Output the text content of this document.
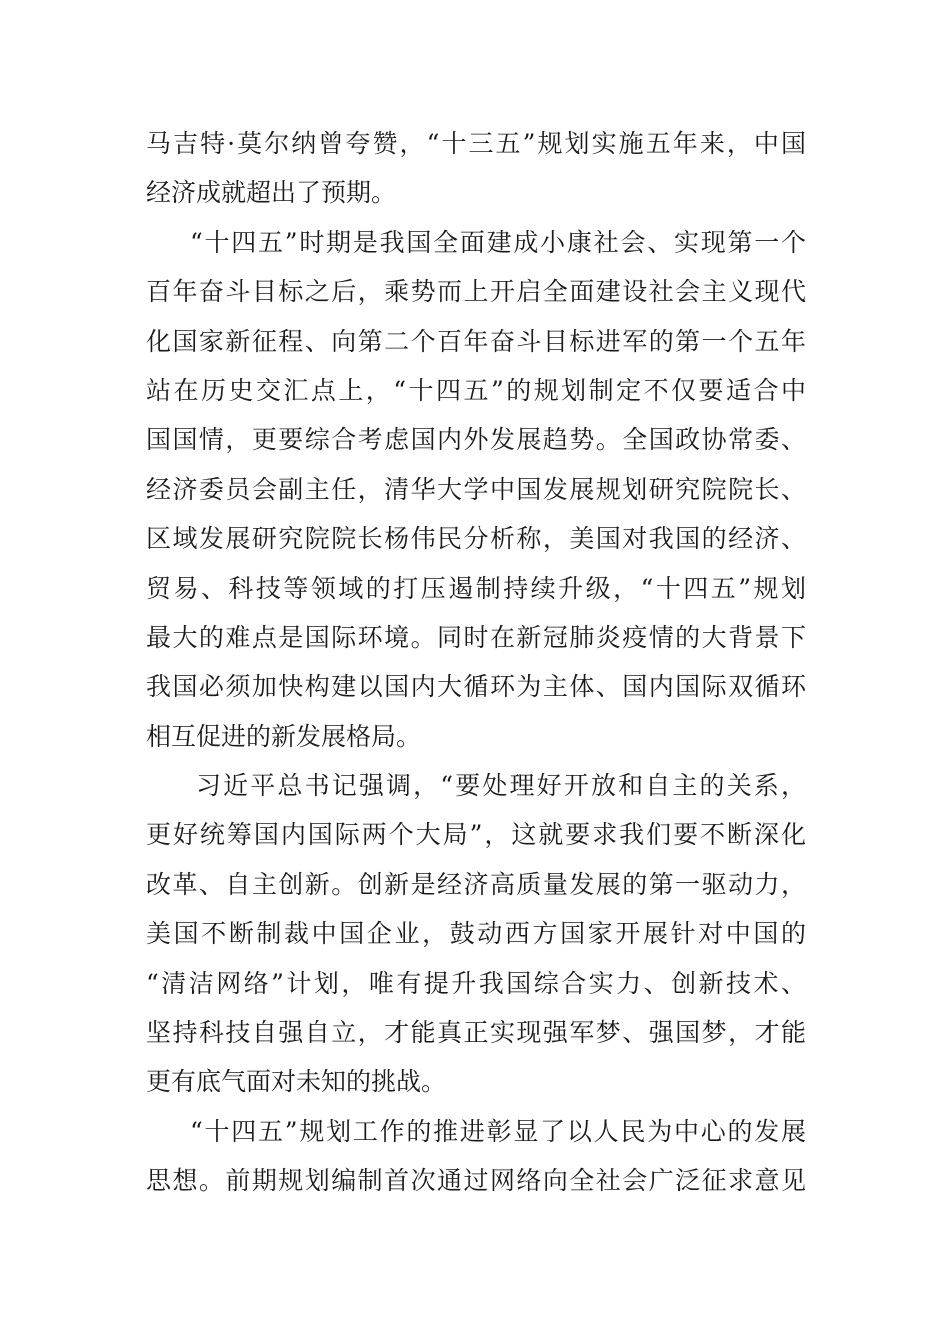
马吉特·莫尔纳曾夸赞，“十三五”规划实施五年来，中国
经济成就超出了预期。
“十四五”时期是我国全面建成小康社会、实现第一个
百年奋斗目标之后，乘势而上开启全面建设社会主义现代
化国家新征程、向第二个百年奋斗目标进军的第一个五年
站在历史交汇点上，“十四五”的规划制定不仅要适合中
国国情，更要综合考虑国内外发展趋势。全国政协常委、
经济委员会副主任，清华大学中国发展规划研究院院长、
区域发展研究院院长杨伟民分析称，美国对我国的经济、
贸易、科技等领域的打压遏制持续升级，“十四五”规划
最大的难点是国际环境。同时在新冠肺炎疫情的大背景下
我国必须加快构建以国内大循环为主体、国内国际双循环
相互促进的新发展格局。
习近平总书记强调，“要处理好开放和自主的关系，
更好统筹国内国际两个大局”，这就要求我们要不断深化
改革、自主创新。创新是经济高质量发展的第一驱动力，
美国不断制裁中国企业，鼓动西方国家开展针对中国的
“清洁网络”计划，唯有提升我国综合实力、创新技术、
坚持科技自强自立，才能真正实现强军梦、强国梦，才能
更有底气面对未知的挑战。
“十四五”规划工作的推进彰显了以人民为中心的发展
思想。前期规划编制首次通过网络向全社会广泛征求意见
